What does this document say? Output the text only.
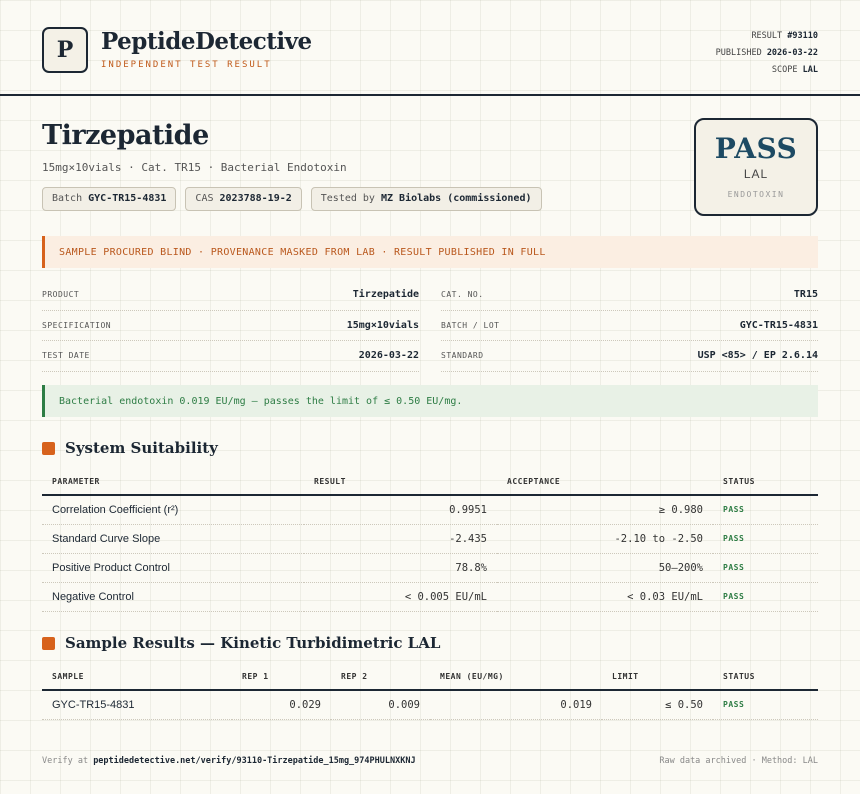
P	PeptideDetective
INDEPENDENT TEST RESULT
RESULT #93110
PUBLISHED 2026-03-22
SCOPE LAL
Tirzepatide
15mg×10vials · Cat. TR15 · Bacterial Endotoxin
Batch GYC-TR15-4831	CAS 2023788-19-2	Tested by MZ Biolabs (commissioned)
PASS
LAL
ENDOTOXIN
SAMPLE PROCURED BLIND · PROVENANCE MASKED FROM LAB · RESULT PUBLISHED IN FULL
PRODUCT	Tirzepatide	CAT. NO.	TR15
SPECIFICATION	15mg×10vials	BATCH / LOT	GYC-TR15-4831
TEST DATE	2026-03-22	STANDARD	USP <85> / EP 2.6.14
Bacterial endotoxin 0.019 EU/mg — passes the limit of ≤ 0.50 EU/mg.
System Suitability
PARAMETER	RESULT	ACCEPTANCE	STATUS
Correlation Coefficient (r²)	0.9951	≥ 0.980	PASS
Standard Curve Slope	-2.435	-2.10 to -2.50	PASS
Positive Product Control	78.8%	50–200%	PASS
Negative Control	< 0.005 EU/mL	< 0.03 EU/mL	PASS
Sample Results — Kinetic Turbidimetric LAL
SAMPLE	REP 1	REP 2	MEAN (EU/MG)	LIMIT	STATUS
GYC-TR15-4831	0.029	0.009	0.019	≤ 0.50	PASS
Verify at peptidedetective.net/verify/93110-Tirzepatide_15mg_974PHULNXKNJ	Raw data archived · Method: LAL
